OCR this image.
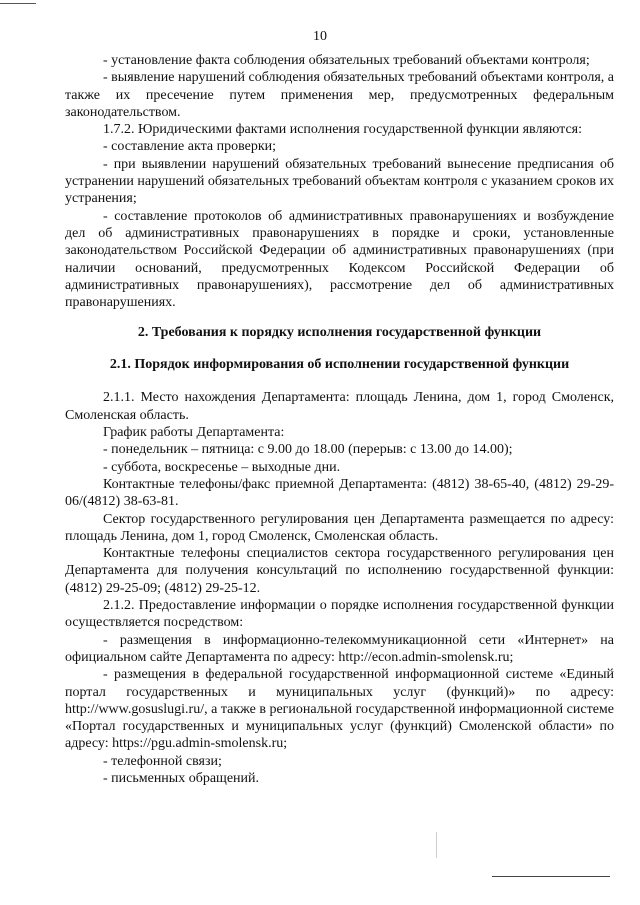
10

- установление факта соблюдения обязательных требований объектами контроля;

- выявление нарушений соблюдения обязательных требований объектами контроля, а также их пресечение путем применения мер, предусмотренных федеральным законодательством.

1.7.2. Юридическими фактами исполнения государственной функции являются:

- составление акта проверки;

- при выявлении нарушений обязательных требований вынесение предписания об устранении нарушений обязательных требований объектам контроля с указанием сроков их устранения;

- составление протоколов об административных правонарушениях и возбуждение дел об административных правонарушениях в порядке и сроки, установленные законодательством Российской Федерации об административных правонарушениях (при наличии оснований, предусмотренных Кодексом Российской Федерации об административных правонарушениях), рассмотрение дел об административных правонарушениях.

2. Требования к порядку исполнения государственной функции
2.1. Порядок информирования об исполнении государственной функции

2.1.1. Место нахождения Департамента: площадь Ленина, дом 1, город Смоленск, Смоленская область.

График работы Департамента:

- понедельник – пятница: с 9.00 до 18.00 (перерыв: с 13.00 до 14.00);

- суббота, воскресенье – выходные дни.

Контактные телефоны/факс приемной Департамента: (4812) 38-65-40, (4812) 29-29-06/(4812) 38-63-81.

Сектор государственного регулирования цен Департамента размещается по адресу: площадь Ленина, дом 1, город Смоленск, Смоленская область.

Контактные телефоны специалистов сектора государственного регулирования цен Департамента для получения консультаций по исполнению государственной функции: (4812) 29-25-09; (4812) 29-25-12.

2.1.2. Предоставление информации о порядке исполнения государственной функции осуществляется посредством:

- размещения в информационно-телекоммуникационной сети «Интернет» на официальном сайте Департамента по адресу: http://econ.admin-smolensk.ru;

- размещения в федеральной государственной информационной системе «Единый портал государственных и муниципальных услуг (функций)» по адресу: http://www.gosuslugi.ru/, а также в региональной государственной информационной системе «Портал государственных и муниципальных услуг (функций) Смоленской области» по адресу: https://pgu.admin-smolensk.ru;

- телефонной связи;

- письменных обращений.
